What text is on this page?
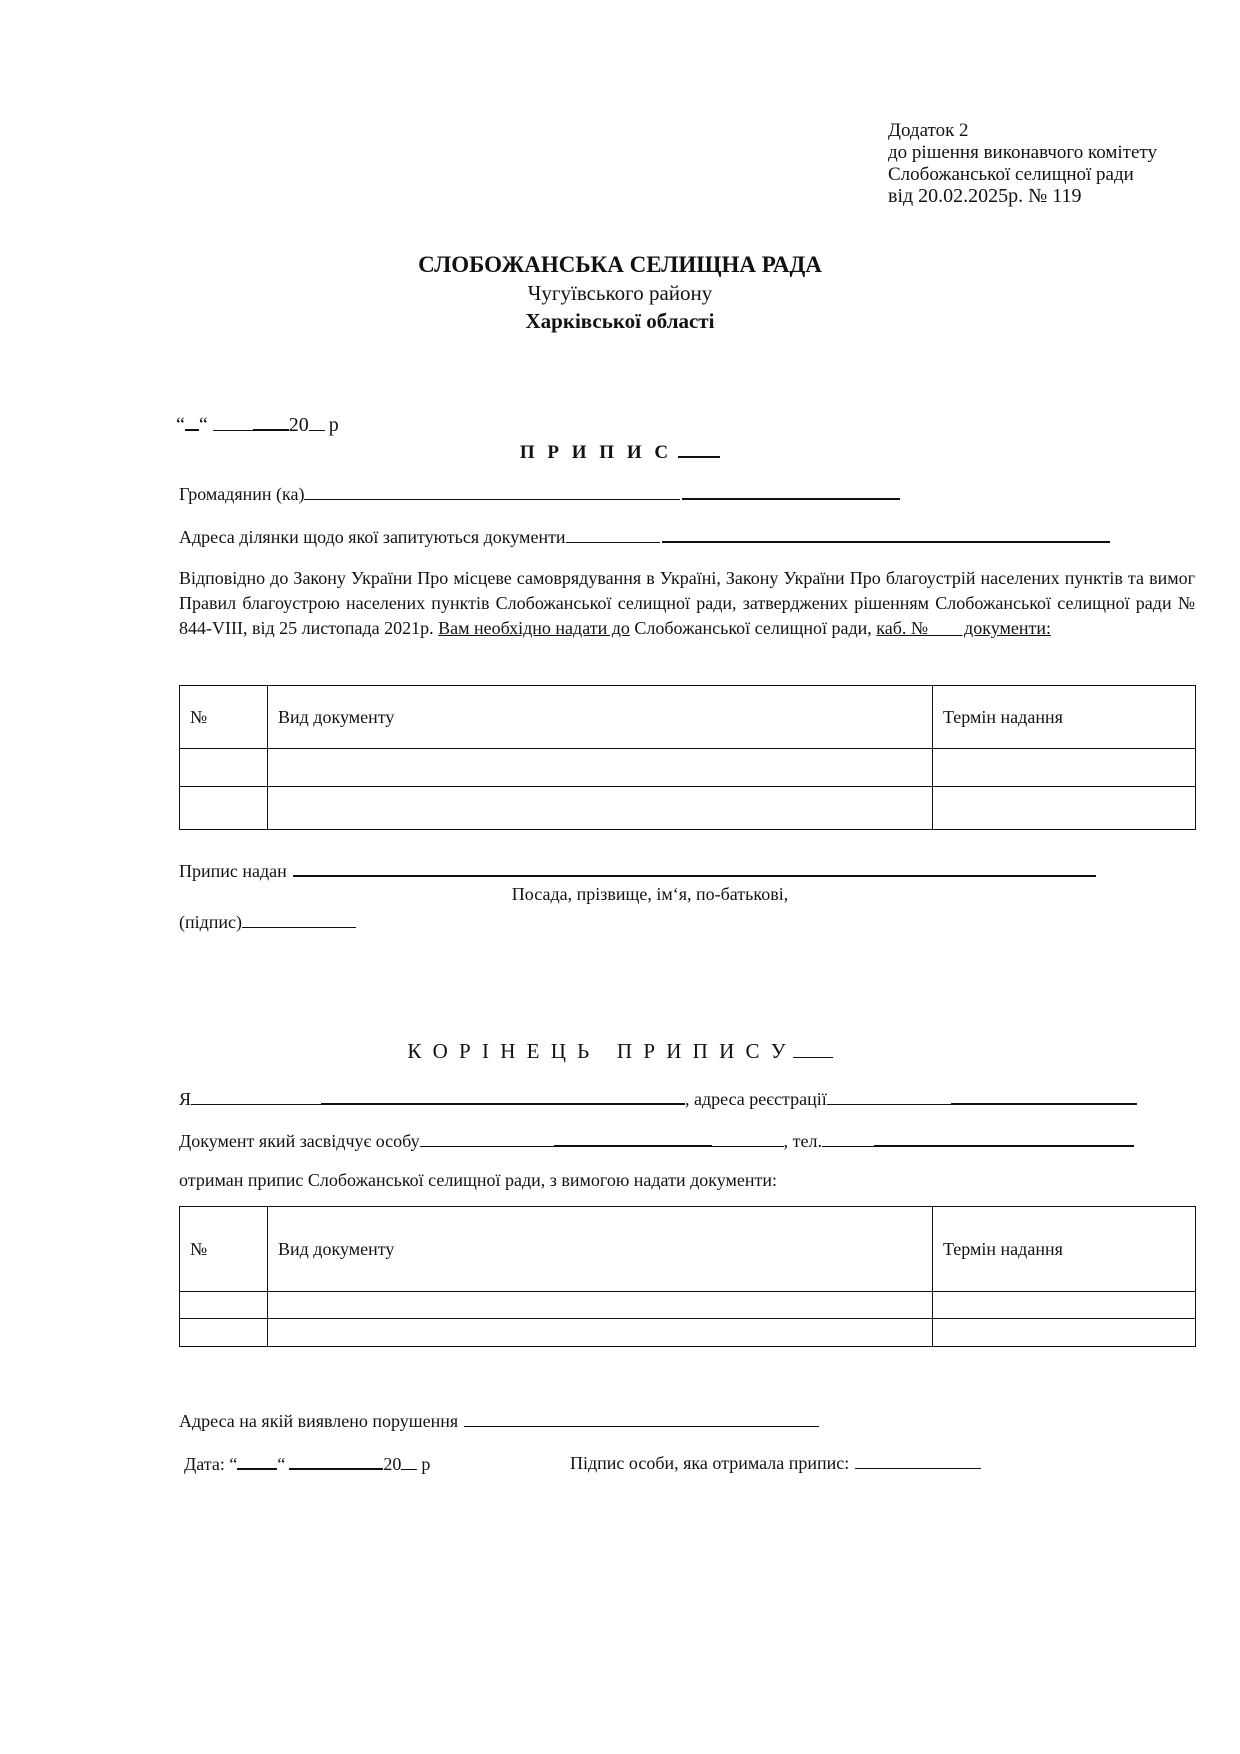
Додаток 2
до рішення виконавчого комітету
Слобожанської селищної ради
від 20.02.2025р. № 119
СЛОБОЖАНСЬКА СЕЛИЩНА РАДА
Чугуївського району
Харківської області
“ “	20 р
П Р И П И С
Громадянин (ка)
Адреса ділянки щодо якої запитуються документи
Відповідно до Закону України Про місцеве самоврядування в Україні, Закону України Про благоустрій населених пунктів та вимог Правил благоустрою населених пунктів Слобожанської селищної ради, затверджених рішенням Слобожанської селищної ради № 844-VIII, від 25 листопада 2021р. Вам необхідно надати до Слобожанської селищної ради, каб. №        документи:
№	Вид документу	Термін надання

Припис надан
Посада, прізвище, ім‘я, по-батькові,
(підпис)
К О Р І Н Е Ц Ь   П Р И П И С У
Я	, адреса реєстрації
Документ який засвідчує особу	, тел.
отриман припис Слобожанської селищної ради, з вимогою надати документи:
№	Вид документу	Термін надання

Адреса на якій виявлено порушення
Дата: “ “	20 р	Підпис особи, яка отримала припис:
